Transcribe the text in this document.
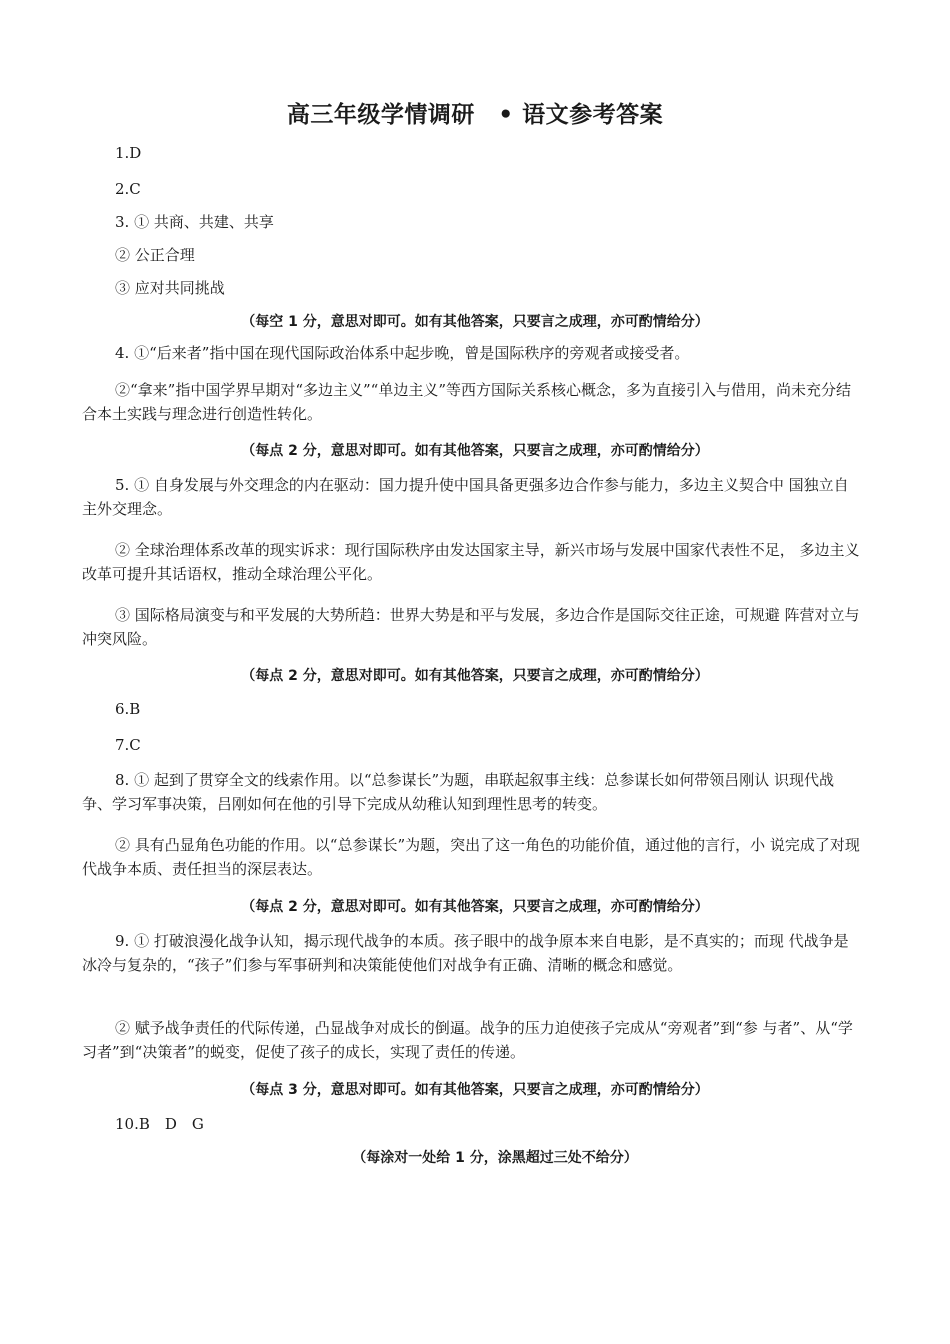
高三年级学情调研　• 语文参考答案
1.D
2.C
3. ① 共商、共建、共享
② 公正合理
③ 应对共同挑战
（每空 1 分，意思对即可。如有其他答案，只要言之成理，亦可酌情给分）
4. ①“后来者”指中国在现代国际政治体系中起步晚，曾是国际秩序的旁观者或接受者。
②“拿来”指中国学界早期对“多边主义”“单边主义”等西方国际关系核心概念，多为直接引入与借用，尚未充分结合本土实践与理念进行创造性转化。
（每点 2 分，意思对即可。如有其他答案，只要言之成理，亦可酌情给分）
5. ① 自身发展与外交理念的内在驱动：国力提升使中国具备更强多边合作参与能力，多边主义契合中 国独立自主外交理念。
② 全球治理体系改革的现实诉求：现行国际秩序由发达国家主导，新兴市场与发展中国家代表性不足， 多边主义改革可提升其话语权，推动全球治理公平化。
③ 国际格局演变与和平发展的大势所趋：世界大势是和平与发展，多边合作是国际交往正途，可规避 阵营对立与冲突风险。
（每点 2 分，意思对即可。如有其他答案，只要言之成理，亦可酌情给分）
6.B
7.C
8. ① 起到了贯穿全文的线索作用。以“总参谋长”为题，串联起叙事主线：总参谋长如何带领吕刚认 识现代战争、学习军事决策，吕刚如何在他的引导下完成从幼稚认知到理性思考的转变。
② 具有凸显角色功能的作用。以“总参谋长”为题，突出了这一角色的功能价值，通过他的言行，小 说完成了对现代战争本质、责任担当的深层表达。
（每点 2 分，意思对即可。如有其他答案，只要言之成理，亦可酌情给分）
9. ① 打破浪漫化战争认知，揭示现代战争的本质。孩子眼中的战争原本来自电影，是不真实的；而现 代战争是冰冷与复杂的，“孩子”们参与军事研判和决策能使他们对战争有正确、清晰的概念和感觉。
② 赋予战争责任的代际传递，凸显战争对成长的倒逼。战争的压力迫使孩子完成从“旁观者”到“参 与者”、从“学习者”到“决策者”的蜕变，促使了孩子的成长，实现了责任的传递。
（每点 3 分，意思对即可。如有其他答案，只要言之成理，亦可酌情给分）
10.B　D　G
（每涂对一处给 1 分，涂黑超过三处不给分）
